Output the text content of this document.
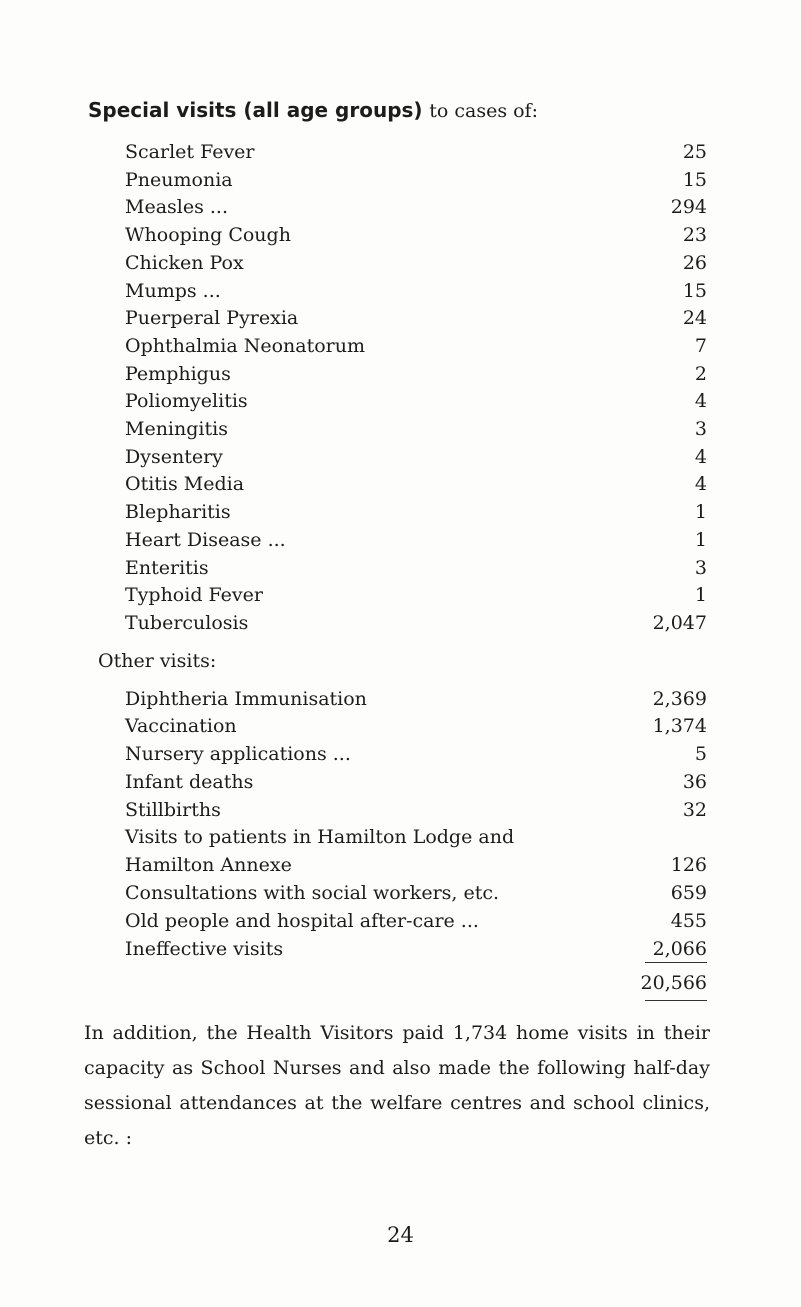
Special visits (all age groups) to cases of:
Scarlet Fever	25
Pneumonia	15
Measles ...	294
Whooping Cough	23
Chicken Pox	26
Mumps ...	15
Puerperal Pyrexia	24
Ophthalmia Neonatorum	7
Pemphigus	2
Poliomyelitis	4
Meningitis	3
Dysentery	4
Otitis Media	4
Blepharitis	1
Heart Disease ...	1
Enteritis	3
Typhoid Fever	1
Tuberculosis	2,047
Other visits:
Diphtheria Immunisation	2,369
Vaccination	1,374
Nursery applications ...	5
Infant deaths	36
Stillbirths	32
Visits to patients in Hamilton Lodge and
Hamilton Annexe	126
Consultations with social workers, etc.	659
Old people and hospital after-care ...	455
Ineffective visits	2,066
20,566
In addition, the Health Visitors paid 1,734 home visits in their capacity as School Nurses and also made the following half-day sessional attendances at the welfare centres and school clinics, etc. :
24
